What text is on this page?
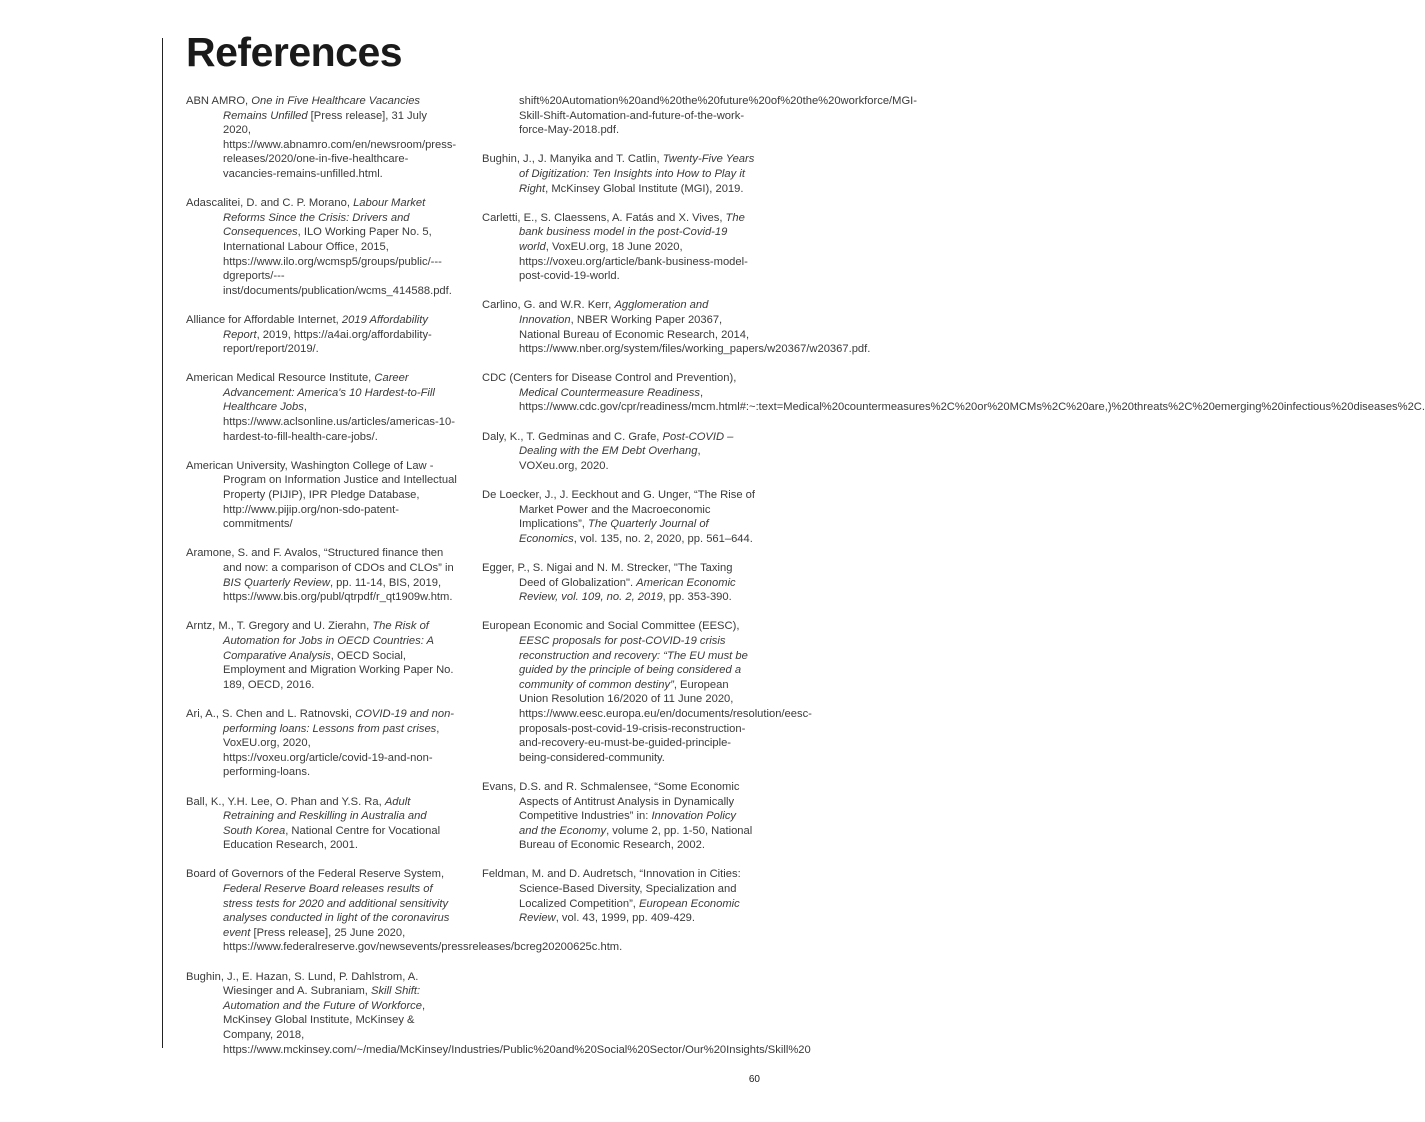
References

ABN AMRO, One in Five Healthcare Vacancies Remains Unfilled [Press release], 31 July 2020, https://www.abnamro.com/en/newsroom/press-releases/2020/one-in-five-healthcare-vacancies-remains-unfilled.html.

Adascalitei, D. and C. P. Morano, Labour Market Reforms Since the Crisis: Drivers and Consequences, ILO Working Paper No. 5, International Labour Office, 2015, https://www.ilo.org/wcmsp5/groups/public/---dgreports/---inst/documents/publication/wcms_414588.pdf.

Alliance for Affordable Internet, 2019 Affordability Report, 2019, https://a4ai.org/affordability-report/report/2019/.

American Medical Resource Institute, Career Advancement: America's 10 Hardest-to-Fill Healthcare Jobs, https://www.aclsonline.us/articles/americas-10-hardest-to-fill-health-care-jobs/.

American University, Washington College of Law - Program on Information Justice and Intellectual Property (PIJIP), IPR Pledge Database, http://www.pijip.org/non-sdo-patent-commitments/

Aramone, S. and F. Avalos, “Structured finance then and now: a comparison of CDOs and CLOs” in BIS Quarterly Review, pp. 11-14, BIS, 2019, https://www.bis.org/publ/qtrpdf/r_qt1909w.htm.

Arntz, M., T. Gregory and U. Zierahn, The Risk of Automation for Jobs in OECD Countries: A Comparative Analysis, OECD Social, Employment and Migration Working Paper No. 189, OECD, 2016.

Ari, A., S. Chen and L. Ratnovski, COVID-19 and non-performing loans: Lessons from past crises, VoxEU.org, 2020, https://voxeu.org/article/covid-19-and-non-performing-loans.

Ball, K., Y.H. Lee, O. Phan and Y.S. Ra, Adult Retraining and Reskilling in Australia and South Korea, National Centre for Vocational Education Research, 2001.

Board of Governors of the Federal Reserve System, Federal Reserve Board releases results of stress tests for 2020 and additional sensitivity analyses conducted in light of the coronavirus event [Press release], 25 June 2020, https://www.federalreserve.gov/newsevents/pressreleases/bcreg20200625c.htm.

Bughin, J., E. Hazan, S. Lund, P. Dahlstrom, A. Wiesinger and A. Subraniam, Skill Shift: Automation and the Future of Workforce, McKinsey Global Institute, McKinsey & Company, 2018, https://www.mckinsey.com/~/media/McKinsey/Industries/Public%20and%20Social%20Sector/Our%20Insights/Skill%20

shift%20Automation%20and%20the%20future%20of%20the%20workforce/MGI-Skill-Shift-Automation-and-future-of-the-work-force-May-2018.pdf.

Bughin, J., J. Manyika and T. Catlin, Twenty-Five Years of Digitization: Ten Insights into How to Play it Right, McKinsey Global Institute (MGI), 2019.

Carletti, E., S. Claessens, A. Fatás and X. Vives, The bank business model in the post-Covid-19 world, VoxEU.org, 18 June 2020, https://voxeu.org/article/bank-business-model-post-covid-19-world.

Carlino, G. and W.R. Kerr, Agglomeration and Innovation, NBER Working Paper 20367, National Bureau of Economic Research, 2014, https://www.nber.org/system/files/working_papers/w20367/w20367.pdf.

CDC (Centers for Disease Control and Prevention), Medical Countermeasure Readiness, https://www.cdc.gov/cpr/readiness/mcm.html#:~:text=Medical%20countermeasures%2C%20or%20MCMs%2C%20are,)%20threats%2C%20emerging%20infectious%20diseases%2C.

Daly, K., T. Gedminas and C. Grafe, Post-COVID – Dealing with the EM Debt Overhang, VOXeu.org, 2020.

De Loecker, J., J. Eeckhout and G. Unger, “The Rise of Market Power and the Macroeconomic Implications”, The Quarterly Journal of Economics, vol. 135, no. 2, 2020, pp. 561–644.

Egger, P., S. Nigai and N. M. Strecker, "The Taxing Deed of Globalization". American Economic Review, vol. 109, no. 2, 2019, pp. 353-390.

European Economic and Social Committee (EESC), EESC proposals for post-COVID-19 crisis reconstruction and recovery: “The EU must be guided by the principle of being considered a community of common destiny”, European Union Resolution 16/2020 of 11 June 2020, https://www.eesc.europa.eu/en/documents/resolution/eesc-proposals-post-covid-19-crisis-reconstruction-and-recovery-eu-must-be-guided-principle-being-considered-community.

Evans, D.S. and R. Schmalensee, “Some Economic Aspects of Antitrust Analysis in Dynamically Competitive Industries” in: Innovation Policy and the Economy, volume 2, pp. 1-50, National Bureau of Economic Research, 2002.

Feldman, M. and D. Audretsch, “Innovation in Cities: Science-Based Diversity, Specialization and Localized Competition”, European Economic Review, vol. 43, 1999, pp. 409-429.

60
